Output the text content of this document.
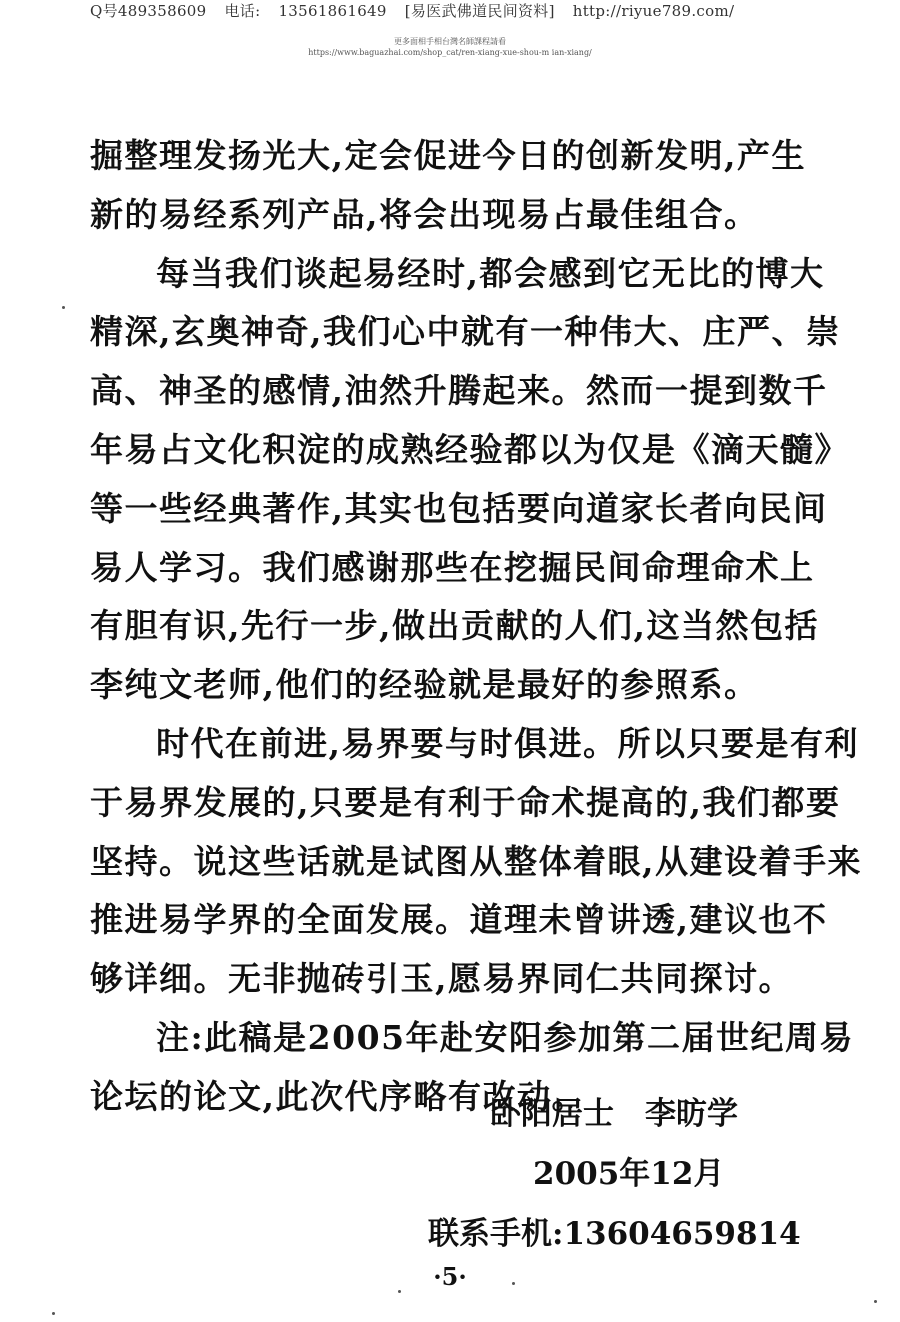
Q号489358609 电话: 13561861649 [易医武佛道民间资料] http://riyue789.com/
更多面相手相台灣名師課程請看
https://www.baguazhai.com/shop_cat/ren-xiang-xue-shou-m ian-xiang/

掘整理发扬光大,定会促进今日的创新发明,产生
新的易经系列产品,将会出现易占最佳组合。

每当我们谈起易经时,都会感到它无比的博大
精深,玄奥神奇,我们心中就有一种伟大、庄严、崇
高、神圣的感情,油然升腾起来。然而一提到数千
年易占文化积淀的成熟经验都以为仅是《滴天髓》
等一些经典著作,其实也包括要向道家长者向民间
易人学习。我们感谢那些在挖掘民间命理命术上
有胆有识,先行一步,做出贡献的人们,这当然包括
李纯文老师,他们的经验就是最好的参照系。

时代在前进,易界要与时俱进。所以只要是有利
于易界发展的,只要是有利于命术提高的,我们都要
坚持。说这些话就是试图从整体着眼,从建设着手来
推进易学界的全面发展。道理未曾讲透,建议也不
够详细。无非抛砖引玉,愿易界同仁共同探讨。

注:此稿是2005年赴安阳参加第二届世纪周易
论坛的论文,此次代序略有改动。

卧阳居士　李昉学
2005年12月
联系手机:13604659814
·5·
